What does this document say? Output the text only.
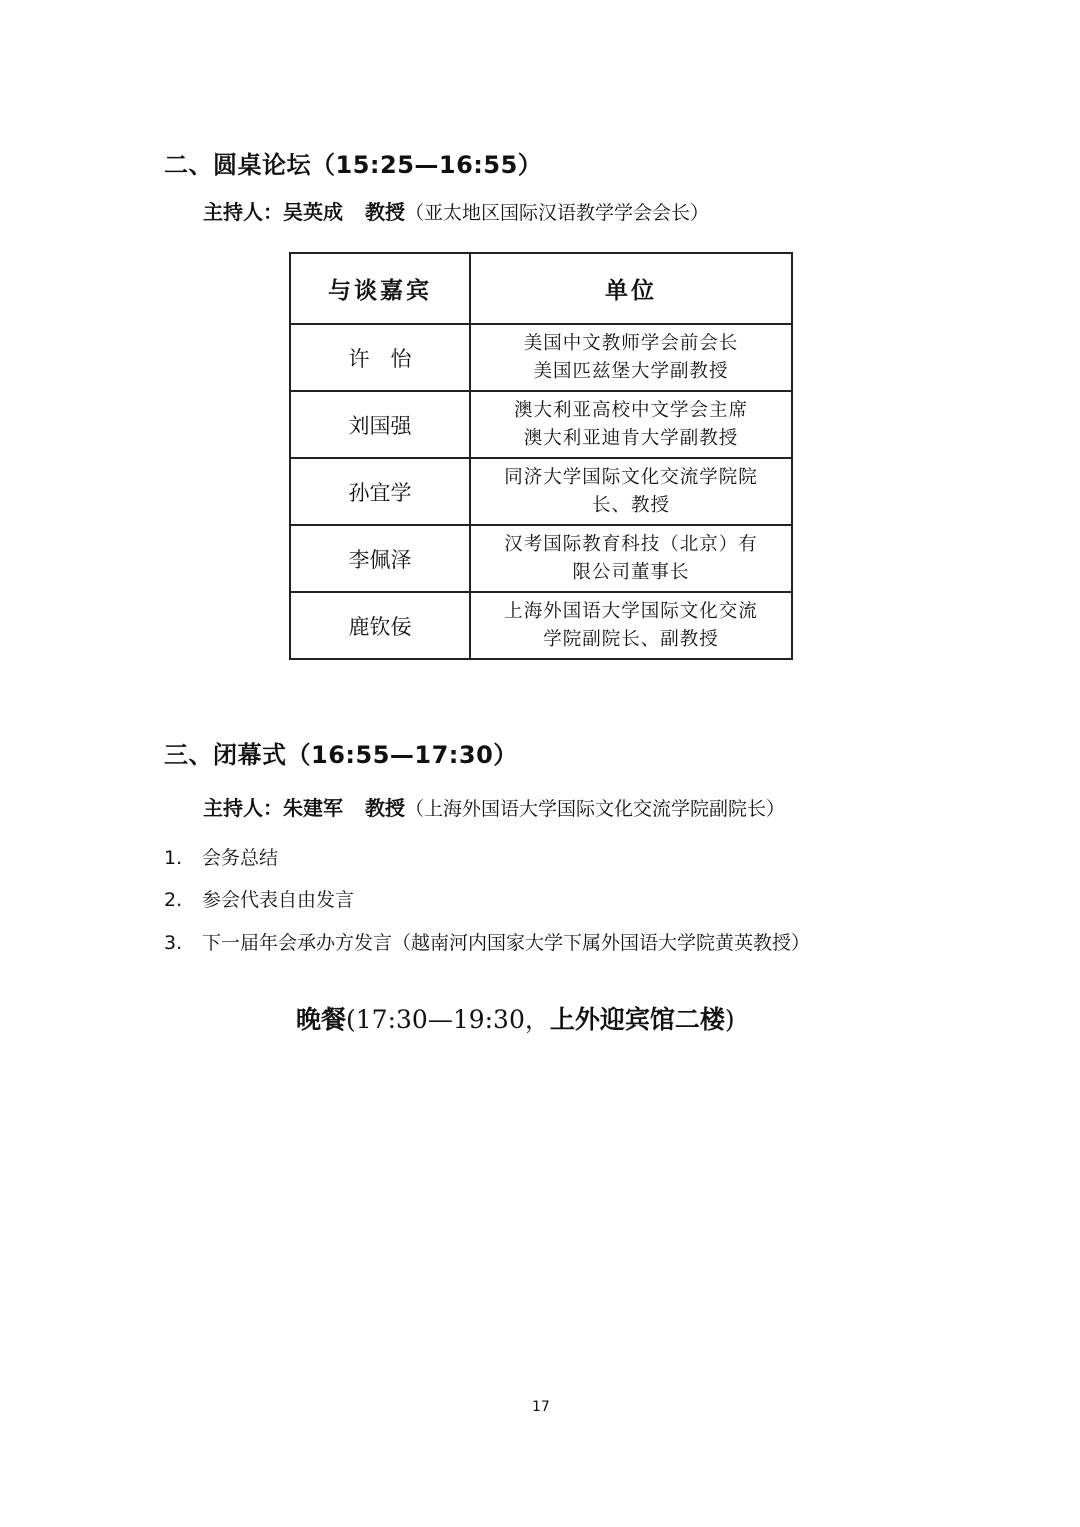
二、圆桌论坛（15:25—16:55）
主持人：吴英成 教授（亚太地区国际汉语教学学会会长）
与谈嘉宾	单位
许　怡	美国中文教师学会前会长
美国匹兹堡大学副教授

刘国强	澳大利亚高校中文学会主席
澳大利亚迪肯大学副教授

孙宜学	同济大学国际文化交流学院院
长、教授

李佩泽	汉考国际教育科技（北京）有
限公司董事长

鹿钦佞	上海外国语大学国际文化交流
学院副院长、副教授
三、闭幕式（16:55—17:30）
主持人：朱建军 教授（上海外国语大学国际文化交流学院副院长）
1. 会务总结
2. 参会代表自由发言
3. 下一届年会承办方发言（越南河内国家大学下属外国语大学院黄英教授）
晚餐(17:30—19:30，上外迎宾馆二楼)
17
